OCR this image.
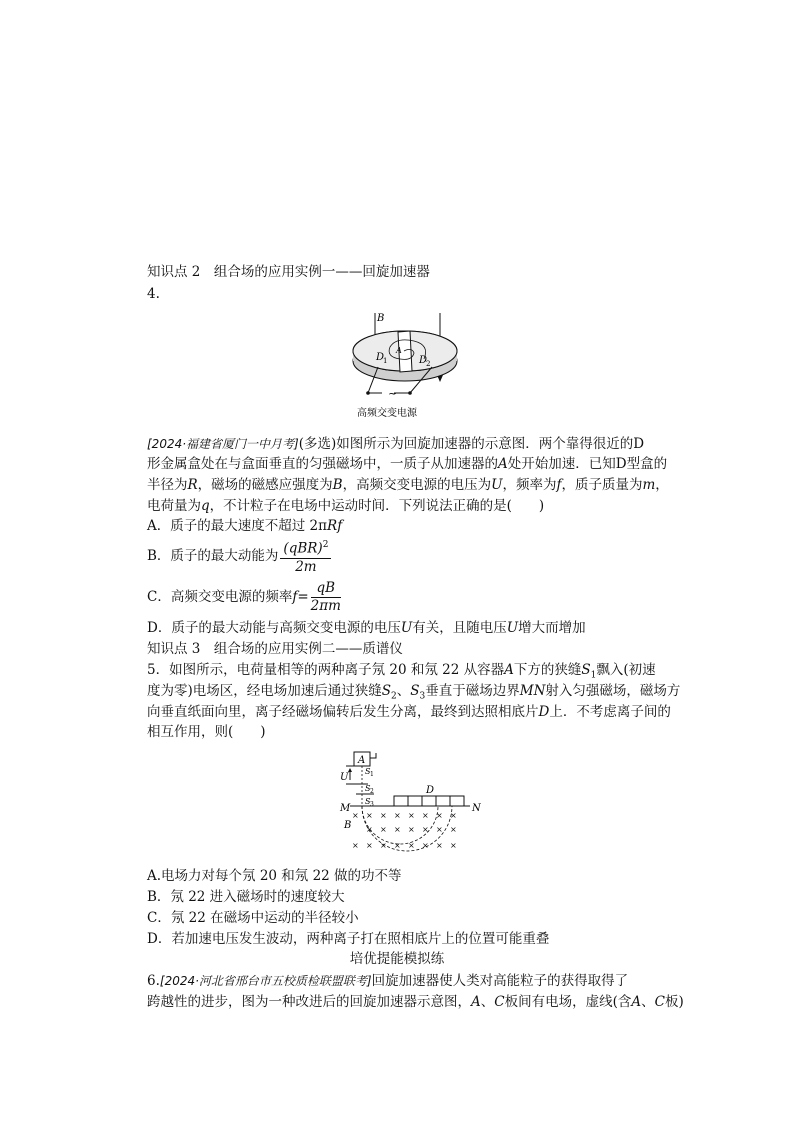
知识点 2　组合场的应用实例一——回旋加速器
4.
~
B
D
1	D
2
A
高频交变电源
[2024·福建省厦门一中月考](多选)如图所示为回旋加速器的示意图．两个靠得很近的D
形金属盒处在与盒面垂直的匀强磁场中，一质子从加速器的A处开始加速．已知D型盒的
半径为R，磁场的磁感应强度为B，高频交变电源的电压为U，频率为f，质子质量为m，
电荷量为q，不计粒子在电场中运动时间．下列说法正确的是(　　)
A．质子的最大速度不超过 2πRf
B．质子的最大动能为 $\frac{(qBR)^2}{2m}$
C．高频交变电源的频率$f= \frac{qB}{2\pi m}$
D．质子的最大动能与高频交变电源的电压U有关，且随电压U增大而增加
知识点 3　组合场的应用实例二——质谱仪
5．如图所示，电荷量相等的两种离子氖 20 和氖 22 从容器A下方的狭缝$S_1$飘入(初速
度为零)电场区，经电场加速后通过狭缝$S_2$、$S_3$垂直于磁场边界MN射入匀强磁场，磁场方
向垂直纸面向里，离子经磁场偏转后发生分离，最终到达照相底片D上．不考虑离子间的
相互作用，则(　　)
A
U
S 1
S 2
S 3
M	N
D
B
× × × × × × × ×
× × × × × × ×
× × × × × × × ×
A.电场力对每个氖 20 和氖 22 做的功不等
B．氖 22 进入磁场时的速度较大
C．氖 22 在磁场中运动的半径较小
D．若加速电压发生波动，两种离子打在照相底片上的位置可能重叠
培优提能模拟练
6.[2024·河北省邢台市五校质检联盟联考]回旋加速器使人类对高能粒子的获得取得了
跨越性的进步，图为一种改进后的回旋加速器示意图，A、C板间有电场，虚线(含A、C板)
